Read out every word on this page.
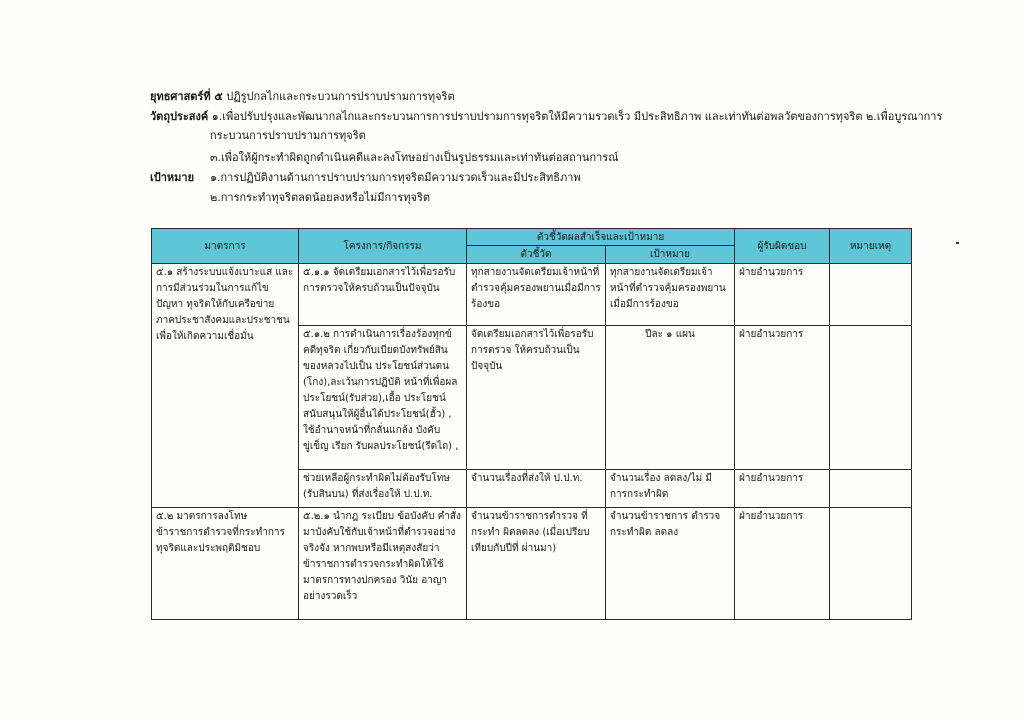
ยุทธศาสตร์ที่ ๕ ปฏิรูปกลไกและกระบวนการปราบปรามการทุจริต
วัตถุประสงค์ ๑.เพื่อปรับปรุงและพัฒนากลไกและกระบวนการการปราบปรามการทุจริตให้มีความรวดเร็ว มีประสิทธิภาพ และเท่าทันต่อพลวัตของการทุจริต ๒.เพื่อบูรณาการ
กระบวนการปราบปรามการทุจริต
๓.เพื่อให้ผู้กระทำผิดถูกดำเนินคดีและลงโทษอย่างเป็นรูปธรรมและเท่าทันต่อสถานการณ์
เป้าหมาย ๑.การปฏิบัติงานด้านการปราบปรามการทุจริตมีความรวดเร็วและมีประสิทธิภาพ
๒.การกระทำทุจริตลดน้อยลงหรือไม่มีการทุจริต
มาตรการ	โครงการ/กิจกรรม	ตัวชี้วัดผลสำเร็จและเป้าหมาย		ผู้รับผิดชอบ	หมายเหตุ
		ตัวชี้วัด	เป้าหมาย		
๕.๑ สร้างระบบแจ้งเบาะแส และ การมีส่วนร่วมในการแก้ไข ปัญหา ทุจริตให้กับเครือข่าย ภาคประชาสังคมและประชาชน เพื่อให้เกิดความเชื่อมั่น	๕.๑.๑ จัดเตรียมเอกสารไว้เพื่อรอรับการตรวจให้ครบถ้วนเป็นปัจจุบัน	ทุกสายงานจัดเตรียมเจ้าหน้าที่ตำรวจคุ้มครองพยานเมื่อมีการร้องขอ	ทุกสายงานจัดเตรียมเจ้าหน้าที่ตำรวจคุ้มครองพยานเมื่อมีการร้องขอ	ฝ่ายอำนวยการ	
	๕.๑.๒ การดำเนินการเรื่องร้องทุกข์คดีทุจริต เกี่ยวกับเบียดบังทรัพย์สินของหลวงไปเป็น ประโยชน์ส่วนตน (โกง),ละเว้นการปฏิบัติ หน้าที่เพื่อผลประโยชน์(รับส่วย),เอื้อ ประโยชน์ สนับสนุนให้ผู้อื่นได้ประโยชน์(ฮั้ว) , ใช้อำนาจหน้าที่กลั่นแกล้ง บังคับ ขู่เข็ญ เรียก รับผลประโยชน์(รีดไถ) ,	จัดเตรียมเอกสารไว้เพื่อรอรับการตรวจ ให้ครบถ้วนเป็นปัจจุบัน	ปีละ ๑ แผน	ฝ่ายอำนวยการ	
	ช่วยเหลือผู้กระทำผิดไม่ต้องรับโทษ (รับสินบน) ที่ส่งเรื่องให้ ป.ป.ท.	จำนวนเรื่องที่ส่งให้ ป.ป.ท.	จำนวนเรื่อง ลดลง/ไม่ มีการกระทำผิด	ฝ่ายอำนวยการ	
๕.๒ มาตรการลงโทษ ข้าราชการตำรวจที่กระทำการทุจริตและประพฤติมิชอบ	๕.๒.๑ นำกฎ ระเบียบ ข้อบังคับ คำสั่ง มาบังคับใช้กับเจ้าหน้าที่ตำรวจอย่างจริงจัง หากพบหรือมีเหตุสงสัยว่าข้าราชการตำรวจกระทำผิดให้ใช้มาตรการทางปกครอง วินัย อาญา อย่างรวดเร็ว	จำนวนข้าราชการตำรวจ ที่กระทำ ผิดลดลง (เมื่อเปรียบเทียบกับปีที่ ผ่านมา)	จำนวนข้าราชการ ตำรวจกระทำผิด ลดลง	ฝ่ายอำนวยการ	
